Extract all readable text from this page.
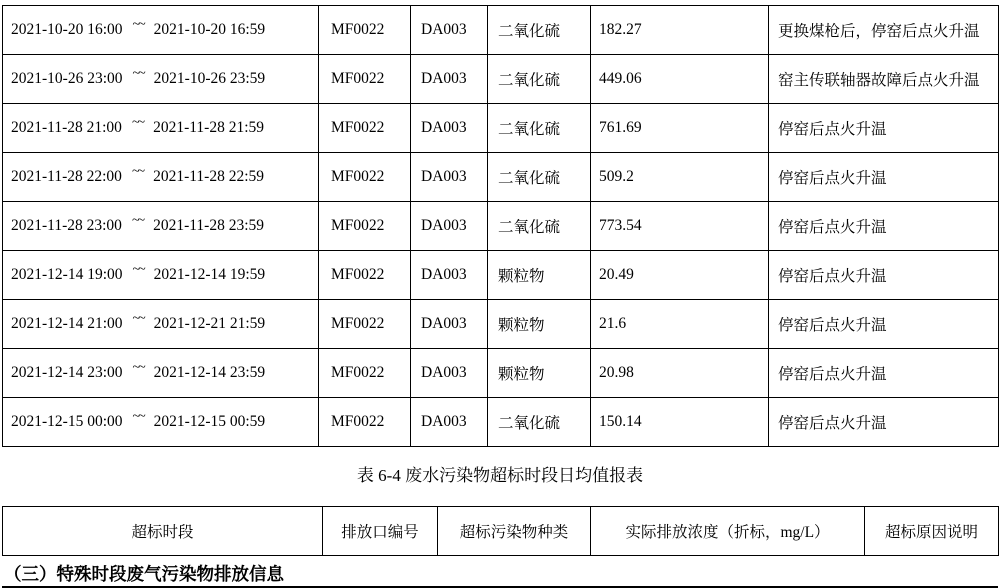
2021-10-20 16:00 ~~ 2021-10-20 16:59	MF0022	DA003	二氧化硫	182.27	更换煤枪后，停窑后点火升温
2021-10-26 23:00 ~~ 2021-10-26 23:59	MF0022	DA003	二氧化硫	449.06	窑主传联轴器故障后点火升温
2021-11-28 21:00 ~~ 2021-11-28 21:59	MF0022	DA003	二氧化硫	761.69	停窑后点火升温
2021-11-28 22:00 ~~ 2021-11-28 22:59	MF0022	DA003	二氧化硫	509.2	停窑后点火升温
2021-11-28 23:00 ~~ 2021-11-28 23:59	MF0022	DA003	二氧化硫	773.54	停窑后点火升温
2021-12-14 19:00 ~~ 2021-12-14 19:59	MF0022	DA003	颗粒物	20.49	停窑后点火升温
2021-12-14 21:00 ~~ 2021-12-21 21:59	MF0022	DA003	颗粒物	21.6	停窑后点火升温
2021-12-14 23:00 ~~ 2021-12-14 23:59	MF0022	DA003	颗粒物	20.98	停窑后点火升温
2021-12-15 00:00 ~~ 2021-12-15 00:59	MF0022	DA003	二氧化硫	150.14	停窑后点火升温
表 6-4 废水污染物超标时段日均值报表
超标时段	排放口编号	超标污染物种类	实际排放浓度（折标，mg/L）	超标原因说明
（三）特殊时段废气污染物排放信息
